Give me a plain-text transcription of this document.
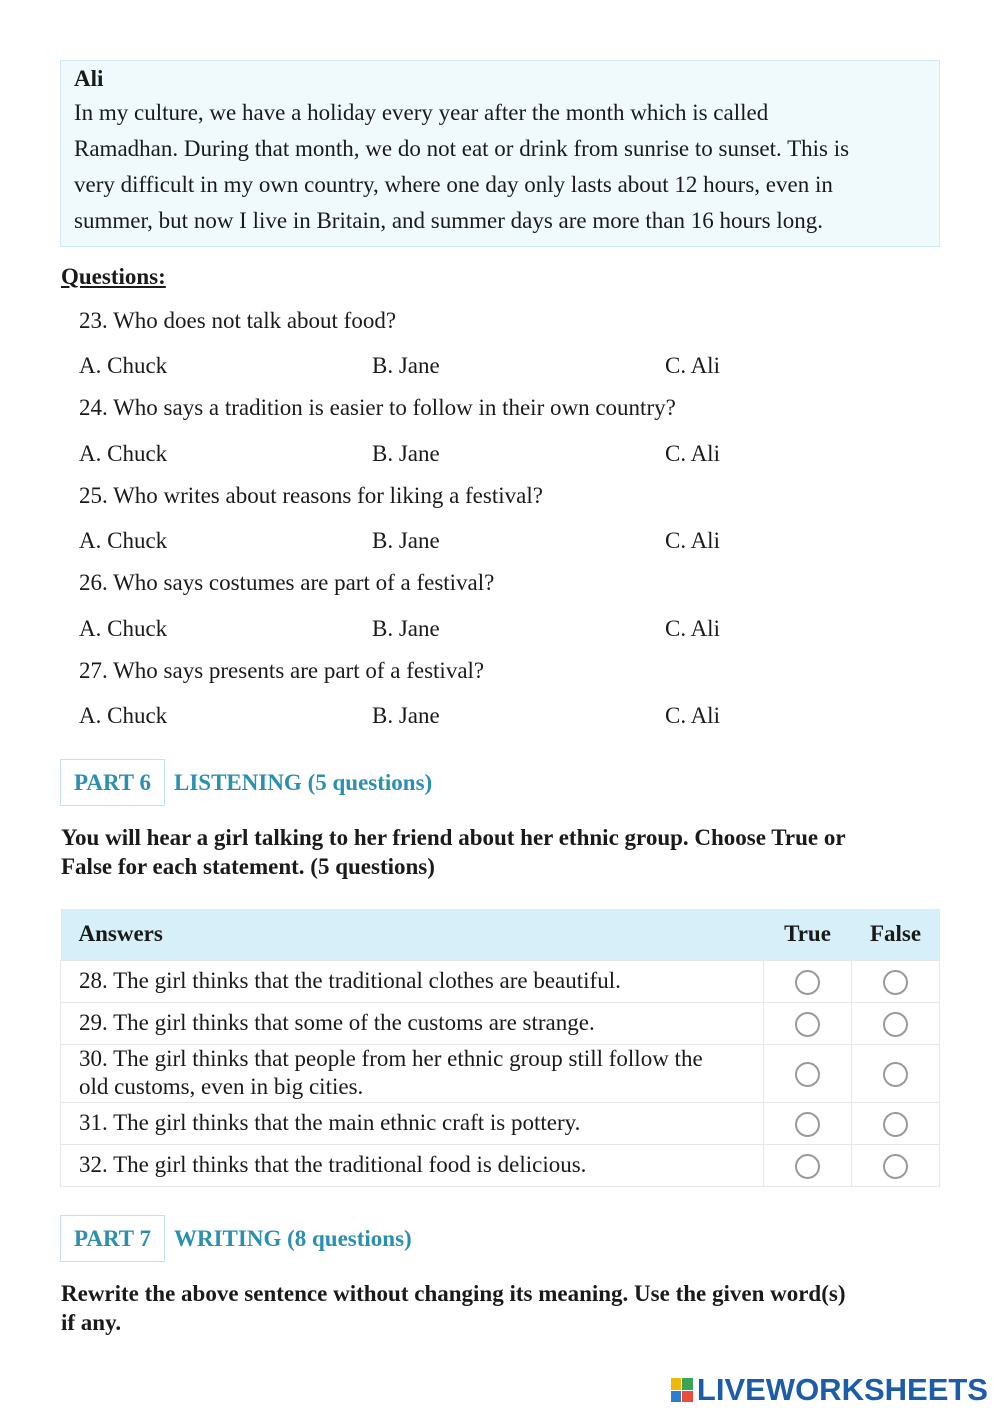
Ali
In my culture, we have a holiday every year after the month which is called
Ramadhan. During that month, we do not eat or drink from sunrise to sunset. This is
very difficult in my own country, where one day only lasts about 12 hours, even in
summer, but now I live in Britain, and summer days are more than 16 hours long.
Questions:
23. Who does not talk about food?
A. Chuck	B. Jane	C. Ali
24. Who says a tradition is easier to follow in their own country?
A. Chuck	B. Jane	C. Ali
25. Who writes about reasons for liking a festival?
A. Chuck	B. Jane	C. Ali
26. Who says costumes are part of a festival?
A. Chuck	B. Jane	C. Ali
27. Who says presents are part of a festival?
A. Chuck	B. Jane	C. Ali
PART 6	LISTENING (5 questions)
You will hear a girl talking to her friend about her ethnic group. Choose True or
False for each statement. (5 questions)
Answers	True	False
28. The girl thinks that the traditional clothes are beautiful.		
29. The girl thinks that some of the customs are strange.		

30. The girl thinks that people from her ethnic group still follow the
old customs, even in big cities.		

31. The girl thinks that the main ethnic craft is pottery.		
32. The girl thinks that the traditional food is delicious.		
PART 7	WRITING (8 questions)
Rewrite the above sentence without changing its meaning. Use the given word(s)
if any.
LIVEWORKSHEETS
